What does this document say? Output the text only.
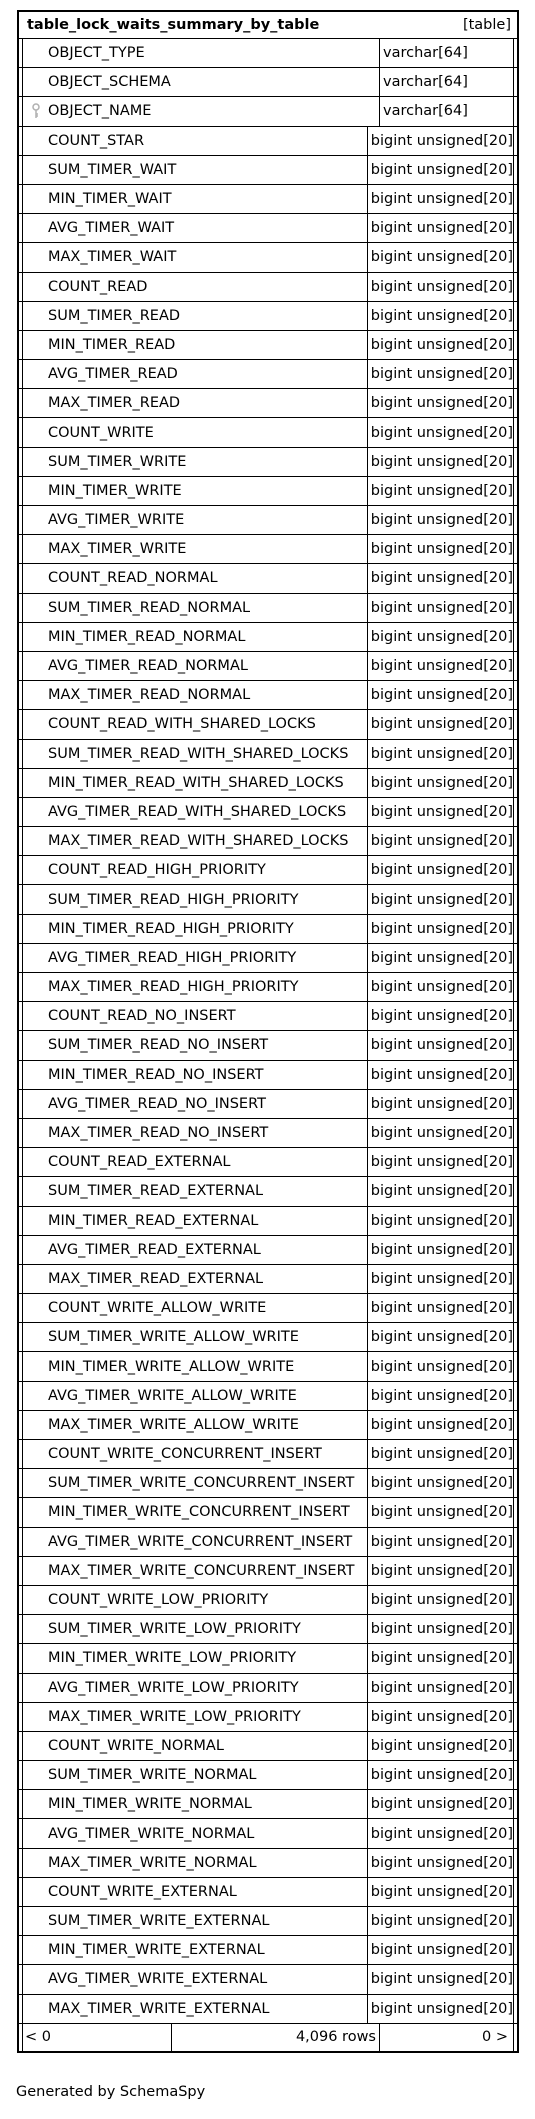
table_lock_waits_summary_by_table	[table]
OBJECT_TYPE	varchar[64]
OBJECT_SCHEMA	varchar[64]
OBJECT_NAME	varchar[64]
COUNT_STAR	bigint unsigned[20]
SUM_TIMER_WAIT	bigint unsigned[20]
MIN_TIMER_WAIT	bigint unsigned[20]
AVG_TIMER_WAIT	bigint unsigned[20]
MAX_TIMER_WAIT	bigint unsigned[20]
COUNT_READ	bigint unsigned[20]
SUM_TIMER_READ	bigint unsigned[20]
MIN_TIMER_READ	bigint unsigned[20]
AVG_TIMER_READ	bigint unsigned[20]
MAX_TIMER_READ	bigint unsigned[20]
COUNT_WRITE	bigint unsigned[20]
SUM_TIMER_WRITE	bigint unsigned[20]
MIN_TIMER_WRITE	bigint unsigned[20]
AVG_TIMER_WRITE	bigint unsigned[20]
MAX_TIMER_WRITE	bigint unsigned[20]
COUNT_READ_NORMAL	bigint unsigned[20]
SUM_TIMER_READ_NORMAL	bigint unsigned[20]
MIN_TIMER_READ_NORMAL	bigint unsigned[20]
AVG_TIMER_READ_NORMAL	bigint unsigned[20]
MAX_TIMER_READ_NORMAL	bigint unsigned[20]
COUNT_READ_WITH_SHARED_LOCKS	bigint unsigned[20]
SUM_TIMER_READ_WITH_SHARED_LOCKS bigint unsigned[20]
MIN_TIMER_READ_WITH_SHARED_LOCKS bigint unsigned[20]
AVG_TIMER_READ_WITH_SHARED_LOCKS bigint unsigned[20]
MAX_TIMER_READ_WITH_SHARED_LOCKS bigint unsigned[20]
COUNT_READ_HIGH_PRIORITY	bigint unsigned[20]
SUM_TIMER_READ_HIGH_PRIORITY	bigint unsigned[20]
MIN_TIMER_READ_HIGH_PRIORITY	bigint unsigned[20]
AVG_TIMER_READ_HIGH_PRIORITY	bigint unsigned[20]
MAX_TIMER_READ_HIGH_PRIORITY	bigint unsigned[20]
COUNT_READ_NO_INSERT	bigint unsigned[20]
SUM_TIMER_READ_NO_INSERT	bigint unsigned[20]
MIN_TIMER_READ_NO_INSERT	bigint unsigned[20]
AVG_TIMER_READ_NO_INSERT	bigint unsigned[20]
MAX_TIMER_READ_NO_INSERT	bigint unsigned[20]
COUNT_READ_EXTERNAL	bigint unsigned[20]
SUM_TIMER_READ_EXTERNAL	bigint unsigned[20]
MIN_TIMER_READ_EXTERNAL	bigint unsigned[20]
AVG_TIMER_READ_EXTERNAL	bigint unsigned[20]
MAX_TIMER_READ_EXTERNAL	bigint unsigned[20]
COUNT_WRITE_ALLOW_WRITE	bigint unsigned[20]
SUM_TIMER_WRITE_ALLOW_WRITE	bigint unsigned[20]
MIN_TIMER_WRITE_ALLOW_WRITE	bigint unsigned[20]
AVG_TIMER_WRITE_ALLOW_WRITE	bigint unsigned[20]
MAX_TIMER_WRITE_ALLOW_WRITE	bigint unsigned[20]
COUNT_WRITE_CONCURRENT_INSERT	bigint unsigned[20]
SUM_TIMER_WRITE_CONCURRENT_INSERT bigint unsigned[20]
MIN_TIMER_WRITE_CONCURRENT_INSERT bigint unsigned[20]
AVG_TIMER_WRITE_CONCURRENT_INSERT bigint unsigned[20]
MAX_TIMER_WRITE_CONCURRENT_INSERT bigint unsigned[20]
COUNT_WRITE_LOW_PRIORITY	bigint unsigned[20]
SUM_TIMER_WRITE_LOW_PRIORITY	bigint unsigned[20]
MIN_TIMER_WRITE_LOW_PRIORITY	bigint unsigned[20]
AVG_TIMER_WRITE_LOW_PRIORITY	bigint unsigned[20]
MAX_TIMER_WRITE_LOW_PRIORITY	bigint unsigned[20]
COUNT_WRITE_NORMAL	bigint unsigned[20]
SUM_TIMER_WRITE_NORMAL	bigint unsigned[20]
MIN_TIMER_WRITE_NORMAL	bigint unsigned[20]
AVG_TIMER_WRITE_NORMAL	bigint unsigned[20]
MAX_TIMER_WRITE_NORMAL	bigint unsigned[20]
COUNT_WRITE_EXTERNAL	bigint unsigned[20]
SUM_TIMER_WRITE_EXTERNAL	bigint unsigned[20]
MIN_TIMER_WRITE_EXTERNAL	bigint unsigned[20]
AVG_TIMER_WRITE_EXTERNAL	bigint unsigned[20]
MAX_TIMER_WRITE_EXTERNAL	bigint unsigned[20]
< 0	4,096 rows	0 >
Generated by SchemaSpy
